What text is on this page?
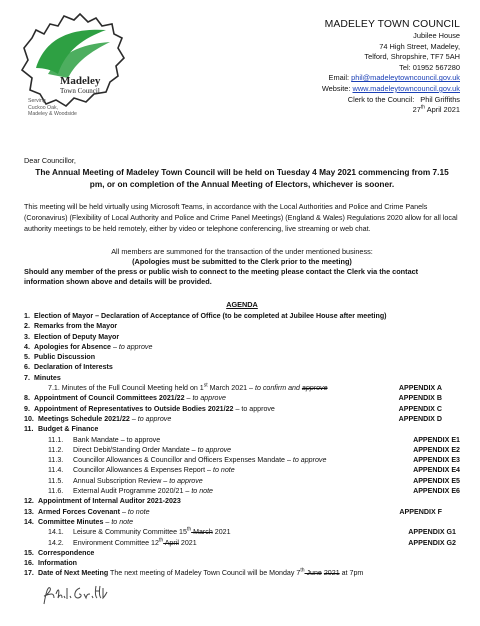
Madeley
Town Council
Serving
Cuckoo Oak,
Madeley & Woodside
MADELEY TOWN COUNCIL
Jubilee House
74 High Street, Madeley,
Telford, Shropshire, TF7 5AH
Tel: 01952 567280
Email: phil@madeleytowncouncil.gov.uk
Website: www.madeleytowncouncil.gov.uk
Clerk to the Council: Phil Griffiths
27th April 2021
Dear Councillor,
The Annual Meeting of Madeley Town Council will be held on Tuesday 4 May 2021 commencing from 7.15 pm, or on completion of the Annual Meeting of Electors, whichever is sooner.
This meeting will be held virtually using Microsoft Teams, in accordance with the Local Authorities and Police and Crime Panels (Coronavirus) (Flexibility of Local Authority and Police and Crime Panel Meetings) (England & Wales) Regulations 2020 allow for all local authority meetings to be held remotely, either by video or telephone conferencing, live streaming or web chat.
All members are summoned for the transaction of the under mentioned business:
(Apologies must be submitted to the Clerk prior to the meeting)
Should any member of the press or public wish to connect to the meeting please contact the Clerk via the contact information shown above and details will be provided.
AGENDA
1. Election of Mayor – Declaration of Acceptance of Office (to be completed at Jubilee House after meeting)
2. Remarks from the Mayor
3. Election of Deputy Mayor
4. Apologies for Absence – to approve
5. Public Discussion
6. Declaration of Interests
7. Minutes
7.1. Minutes of the Full Council Meeting held on 1st March 2021 – to confirm and approve	APPENDIX A
8. Appointment of Council Committees 2021/22 – to approve	APPENDIX B
9. Appointment of Representatives to Outside Bodies 2021/22 – to approve	APPENDIX C
10. Meetings Schedule 2021/22 – to approve	APPENDIX D
11. Budget & Finance
11.1. Bank Mandate – to approve	APPENDIX E1
11.2. Direct Debit/Standing Order Mandate – to approve	APPENDIX E2
11.3. Councillor Allowances & Councillor and Officers Expenses Mandate – to approve	APPENDIX E3
11.4. Councillor Allowances & Expenses Report – to note	APPENDIX E4
11.5. Annual Subscription Review – to approve	APPENDIX E5
11.6. External Audit Programme 2020/21 – to note	APPENDIX E6
12. Appointment of Internal Auditor 2021-2023
13. Armed Forces Covenant – to note	APPENDIX F
14. Committee Minutes – to note
14.1. Leisure & Community Committee 15th March 2021	APPENDIX G1
14.2. Environment Committee 12th April 2021	APPENDIX G2
15. Correspondence
16. Information
17. Date of Next Meeting The next meeting of Madeley Town Council will be Monday 7th June 2021 at 7pm
